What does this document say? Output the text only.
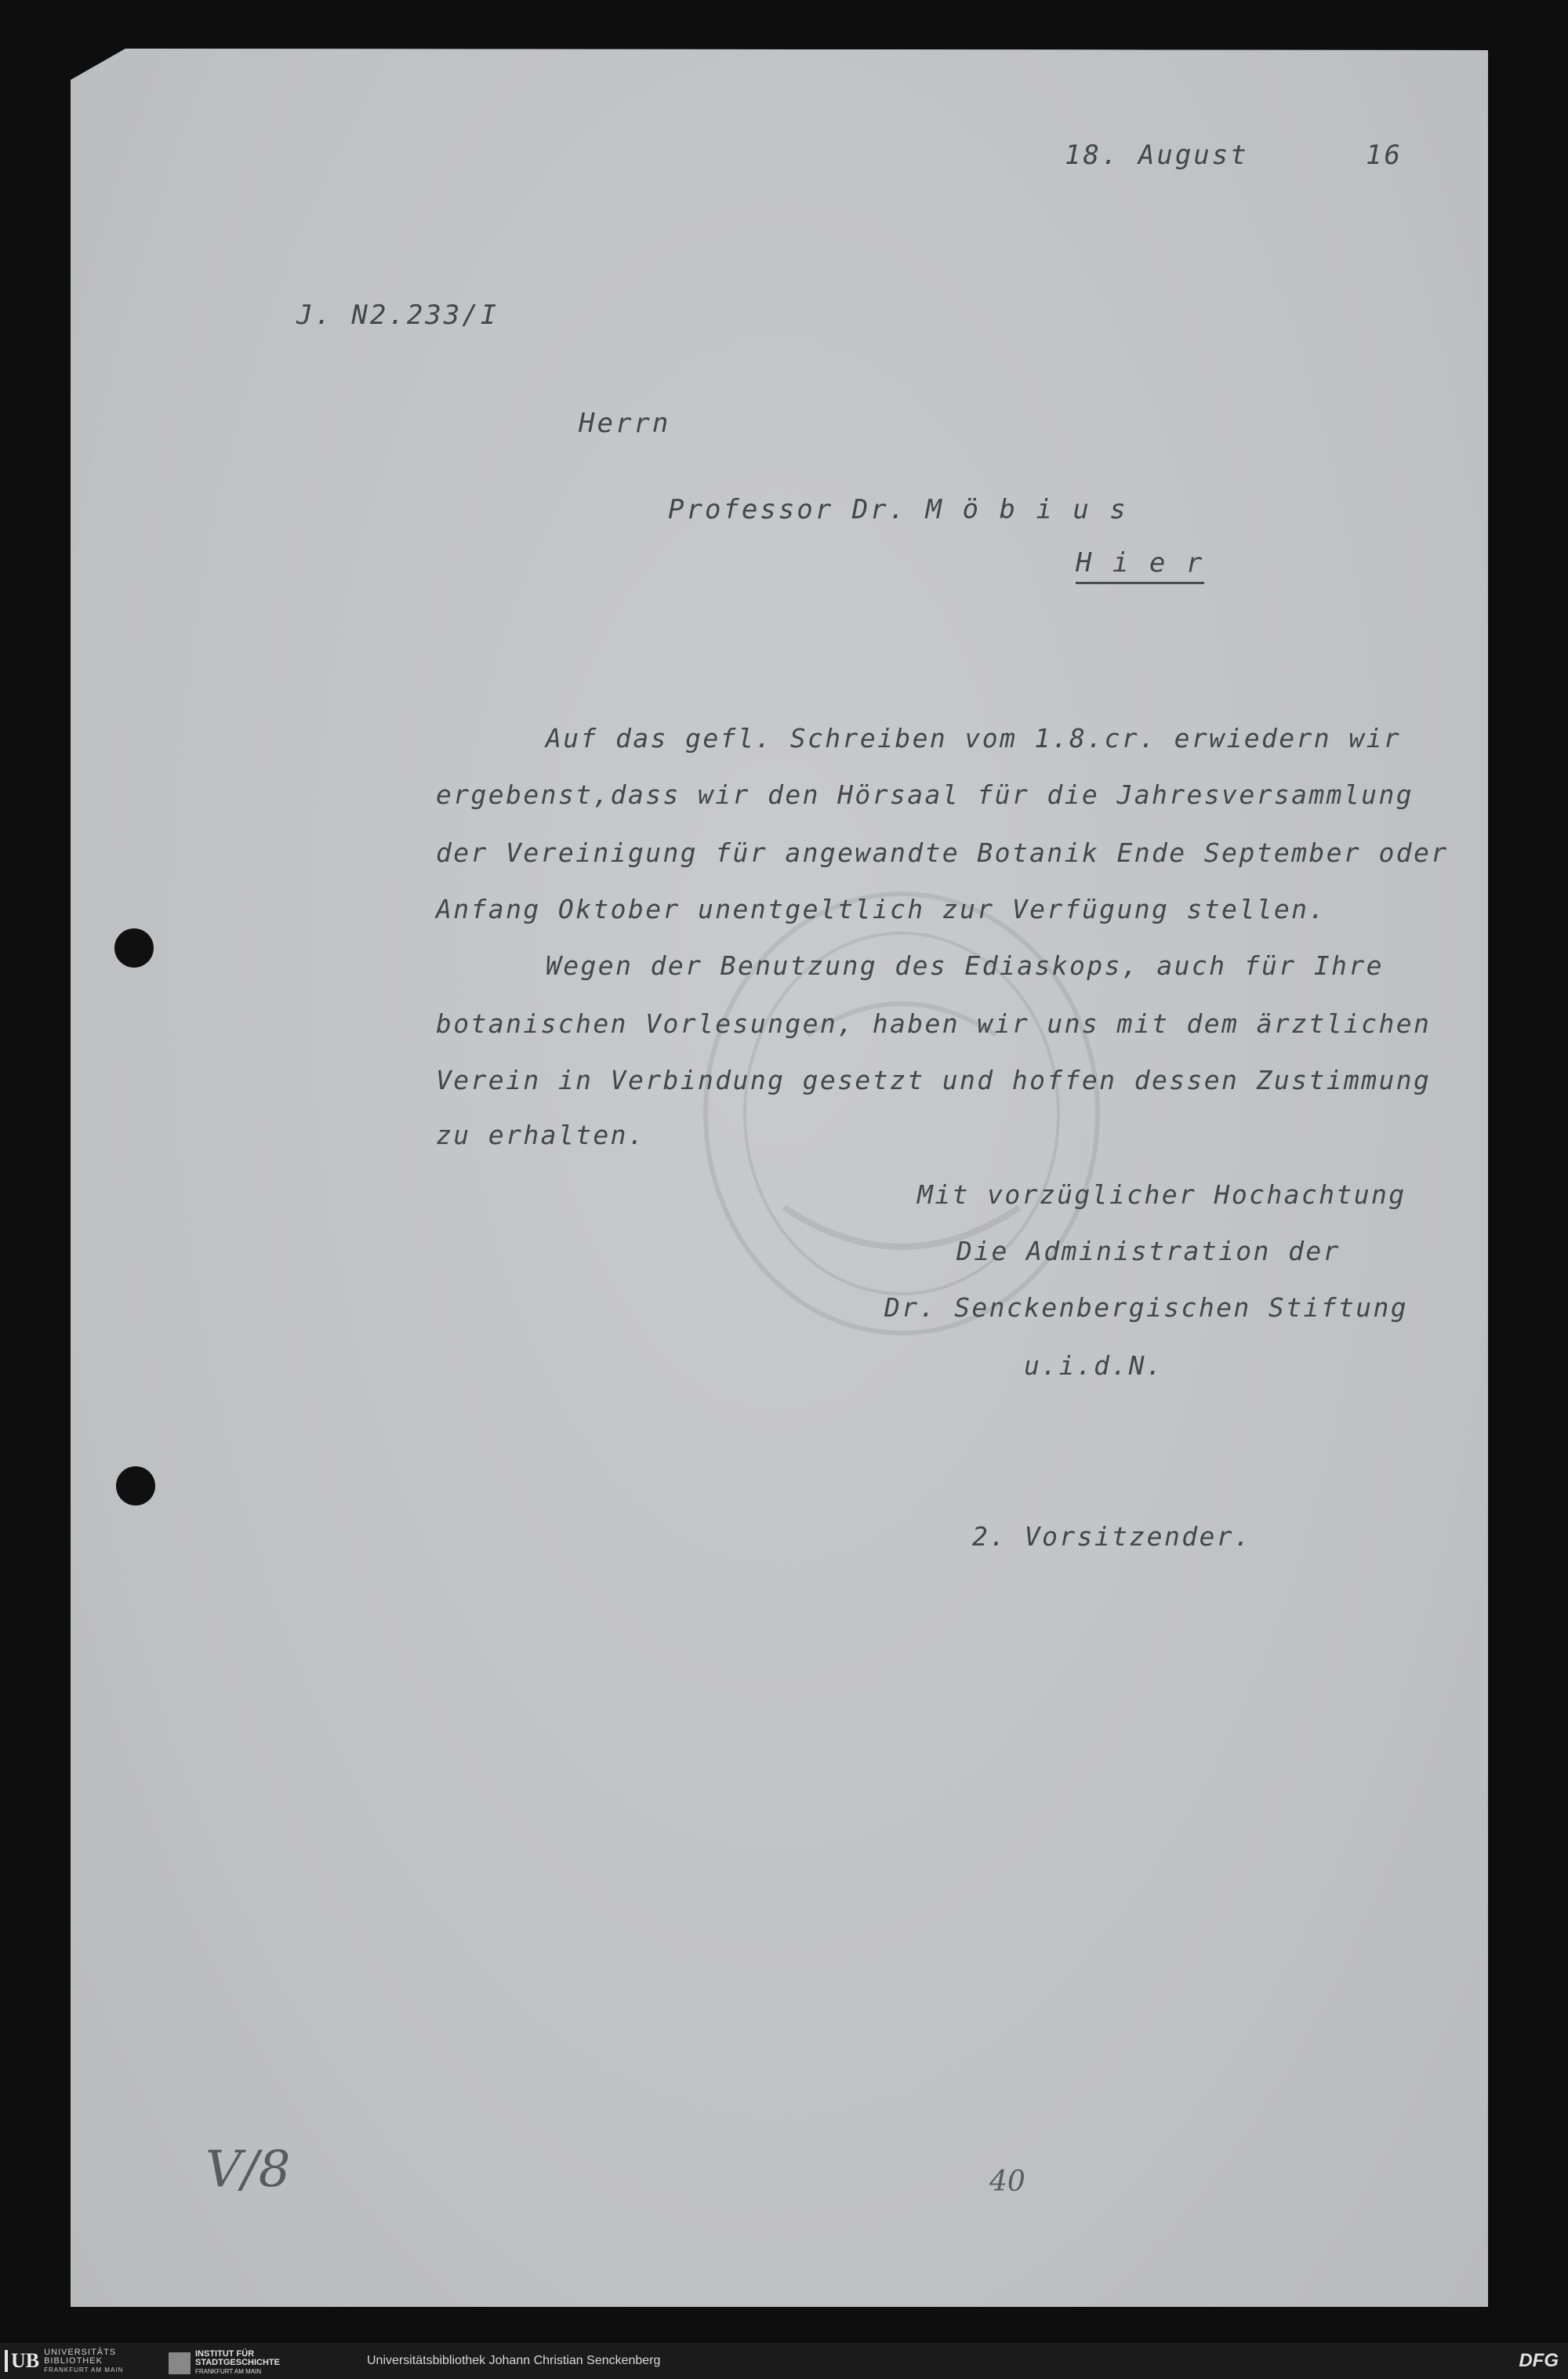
18. August	16
J. N2.233/I
Herrn
Professor Dr. M ö b i u s
H i e r
Auf das gefl. Schreiben vom 1.8.cr. erwiedern wir
ergebenst,dass wir den Hörsaal für die Jahresversammlung
der Vereinigung für angewandte Botanik Ende September oder
Anfang Oktober unentgeltlich zur Verfügung stellen.
Wegen der Benutzung des Ediaskops, auch für Ihre
botanischen Vorlesungen, haben wir uns mit dem ärztlichen
Verein in Verbindung gesetzt und hoffen dessen Zustimmung
zu erhalten.
Mit vorzüglicher Hochachtung
Die Administration der
Dr. Senckenbergischen Stiftung
u.i.d.N.
2. Vorsitzender.
V/8	40
UB UNIVERSITÄTS BIBLIOTHEK
FRANKFURT AM MAIN
INSTITUT FÜR STADTGESCHICHTE
FRANKFURT AM MAIN
Universitätsbibliothek Johann Christian Senckenberg	DFG
